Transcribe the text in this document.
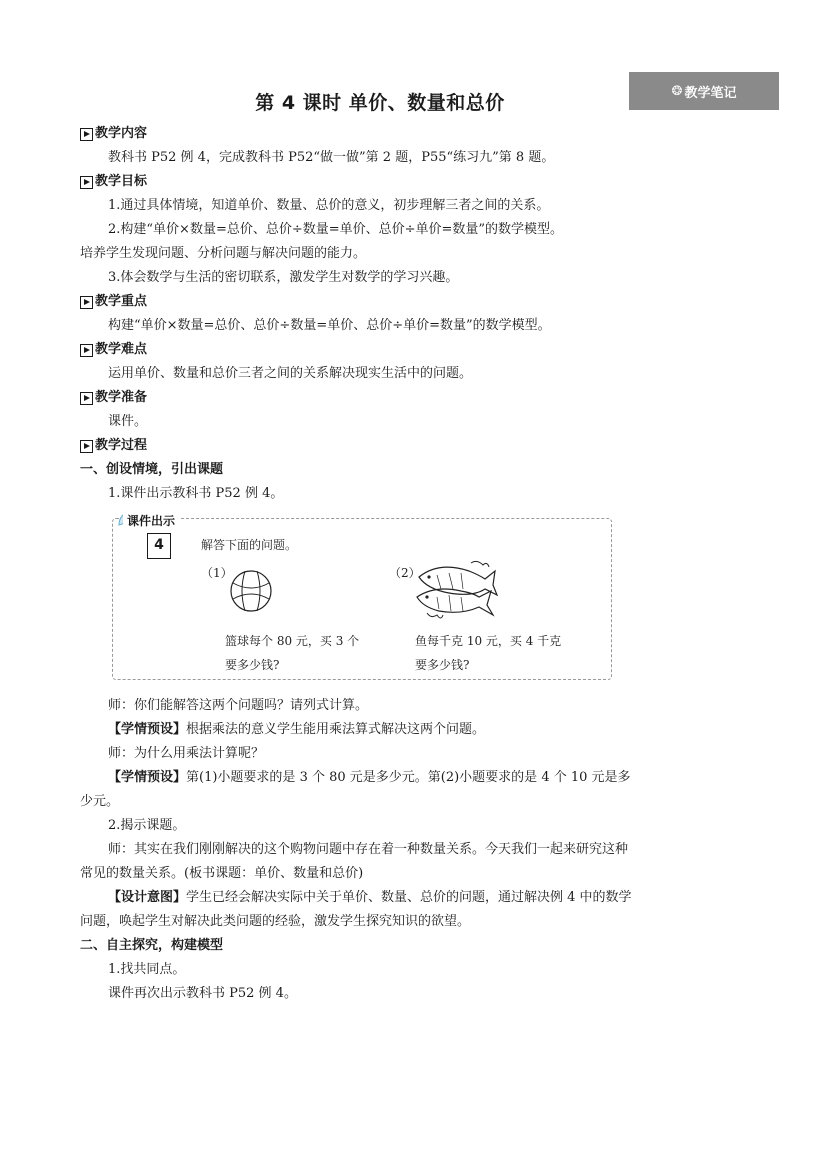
❂ 教学笔记
第 4 课时 单价、数量和总价
教学内容

教科书 P52 例 4，完成教科书 P52“做一做”第 2 题，P55“练习九”第 8 题。

教学目标

1.通过具体情境，知道单价、数量、总价的意义，初步理解三者之间的关系。

2.构建“单价×数量=总价、总价÷数量=单价、总价÷单价=数量”的数学模型。

培养学生发现问题、分析问题与解决问题的能力。

3.体会数学与生活的密切联系，激发学生对数学的学习兴趣。

教学重点

构建“单价×数量=总价、总价÷数量=单价、总价÷单价=数量”的数学模型。

教学难点

运用单价、数量和总价三者之间的关系解决现实生活中的问题。

教学准备

课件。

教学过程
一、创设情境，引出课题

1.课件出示教科书 P52 例 4。

课件出示
4	解答下面的问题。
（1）
篮球每个 80 元，买 3 个
要多少钱?
（2）
鱼每千克 10 元，买 4 千克
要多少钱?

师：你们能解答这两个问题吗？请列式计算。

【学情预设】根据乘法的意义学生能用乘法算式解决这两个问题。

师：为什么用乘法计算呢？

【学情预设】第(1)小题要求的是 3 个 80 元是多少元。第(2)小题要求的是 4 个 10 元是多少元。

2.揭示课题。

师：其实在我们刚刚解决的这个购物问题中存在着一种数量关系。今天我们一起来研究这种常见的数量关系。(板书课题：单价、数量和总价)

【设计意图】学生已经会解决实际中关于单价、数量、总价的问题，通过解决例 4 中的数学问题，唤起学生对解决此类问题的经验，激发学生探究知识的欲望。

二、自主探究，构建模型

1.找共同点。

课件再次出示教科书 P52 例 4。
